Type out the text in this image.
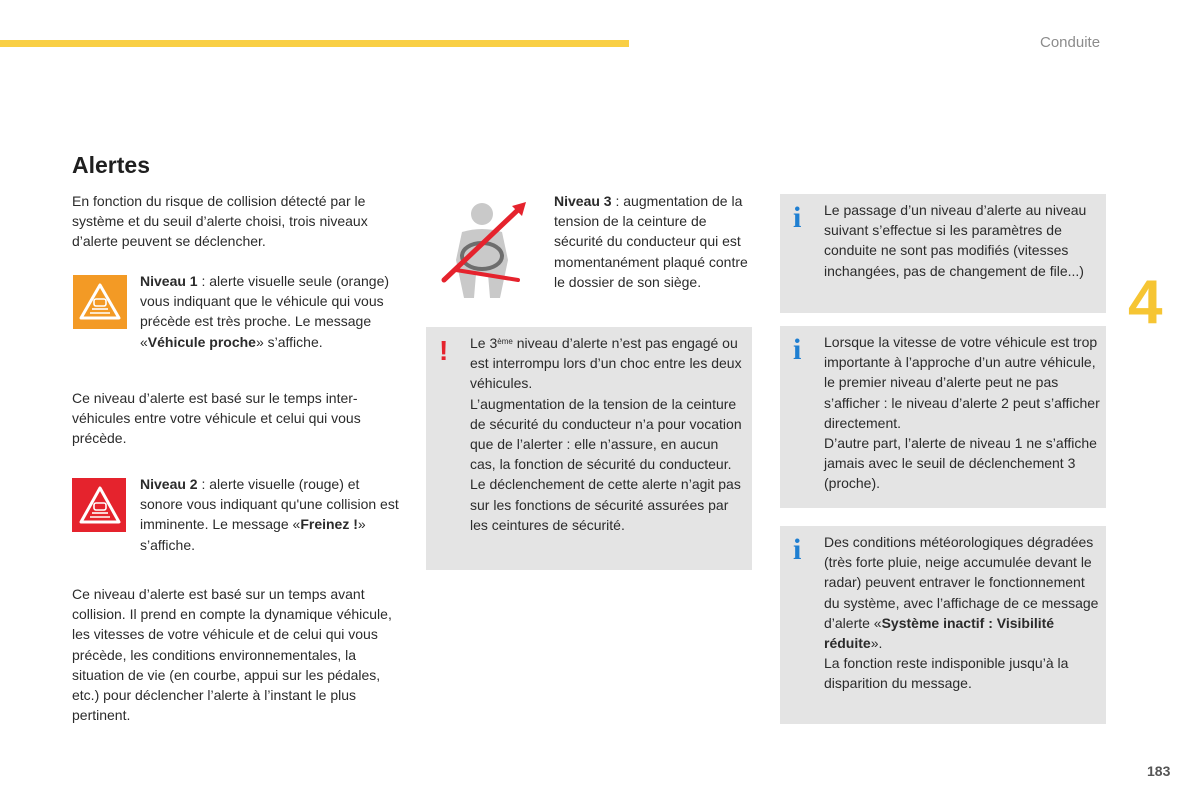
Conduite
4
183
Alertes
En fonction du risque de collision détecté par le système et du seuil d’alerte choisi, trois niveaux d’alerte peuvent se déclencher.
Niveau 1 : alerte visuelle seule (orange) vous indiquant que le véhicule qui vous précède est très proche. Le message «Véhicule proche» s’affiche.
Ce niveau d’alerte est basé sur le temps inter-véhicules entre votre véhicule et celui qui vous précède.
Niveau 2 : alerte visuelle (rouge) et sonore vous indiquant qu'une collision est imminente. Le message «Freinez !» s’affiche.
Ce niveau d’alerte est basé sur un temps avant collision. Il prend en compte la dynamique véhicule, les vitesses de votre véhicule et de celui qui vous précède, les conditions environnementales, la situation de vie (en courbe, appui sur les pédales, etc.) pour déclencher l’alerte à l’instant le plus pertinent.
Niveau 3 : augmentation de la tension de la ceinture de sécurité du conducteur qui est momentanément plaqué contre le dossier de son siège.
! Le 3ème niveau d’alerte n’est pas engagé ou est interrompu lors d’un choc entre les deux véhicules.
L’augmentation de la tension de la ceinture de sécurité du conducteur n’a pour vocation que de l’alerter : elle n’assure, en aucun cas, la fonction de sécurité du conducteur.
Le déclenchement de cette alerte n’agit pas sur les fonctions de sécurité assurées par les ceintures de sécurité.
i Le passage d’un niveau d’alerte au niveau suivant s’effectue si les paramètres de conduite ne sont pas modifiés (vitesses inchangées, pas de changement de file...)
i Lorsque la vitesse de votre véhicule est trop importante à l’approche d’un autre véhicule, le premier niveau d’alerte peut ne pas s’afficher : le niveau d’alerte 2 peut s’afficher directement.
D’autre part, l’alerte de niveau 1 ne s’affiche jamais avec le seuil de déclenchement 3 (proche).
i Des conditions météorologiques dégradées (très forte pluie, neige accumulée devant le radar) peuvent entraver le fonctionnement du système, avec l’affichage de ce message d’alerte «Système inactif : Visibilité réduite».
La fonction reste indisponible jusqu’à la disparition du message.
